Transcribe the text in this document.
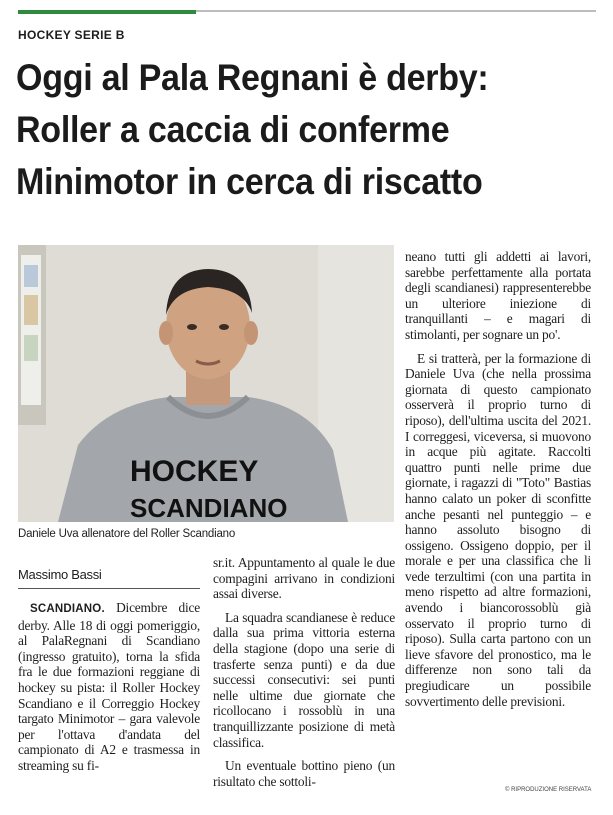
HOCKEY SERIE B
Oggi al Pala Regnani è derby:
Roller a caccia di conferme
Minimotor in cerca di riscatto
HOCKEY
SCANDIANO
Daniele Uva allenatore del Roller Scandiano
Massimo Bassi

SCANDIANO. Dicembre dice derby. Alle 18 di oggi pomeriggio, al PalaRegnani di Scandiano (ingresso gratuito), torna la sfida fra le due formazioni reggiane di hockey su pista: il Roller Hockey Scandiano e il Correggio Hockey targato Minimotor – gara valevole per l'ottava d'andata del campionato di A2 e trasmessa in streaming su fi-

sr.it. Appuntamento al quale le due compagini arrivano in condizioni assai diverse.

La squadra scandianese è reduce dalla sua prima vittoria esterna della stagione (dopo una serie di trasferte senza punti) e da due successi consecutivi: sei punti nelle ultime due giornate che ricollocano i rossoblù in una tranquillizzante posizione di metà classifica.

Un eventuale bottino pieno (un risultato che sottoli-

neano tutti gli addetti ai lavori, sarebbe perfettamente alla portata degli scandianesi) rappresenterebbe un ulteriore iniezione di tranquillanti – e magari di stimolanti, per sognare un po'.

E si tratterà, per la formazione di Daniele Uva (che nella prossima giornata di questo campionato osserverà il proprio turno di riposo), dell'ultima uscita del 2021. I correggesi, viceversa, si muovono in acque più agitate. Raccolti quattro punti nelle prime due giornate, i ragazzi di "Toto" Bastias hanno calato un poker di sconfitte anche pesanti nel punteggio – e hanno assoluto bisogno di ossigeno. Ossigeno doppio, per il morale e per una classifica che li vede terzultimi (con una partita in meno rispetto ad altre formazioni, avendo i biancorossoblù già osservato il proprio turno di riposo). Sulla carta partono con un lieve sfavore del pronostico, ma le differenze non sono tali da pregiudicare un possibile sovvertimento delle previsioni.

© RIPRODUZIONE RISERVATA
